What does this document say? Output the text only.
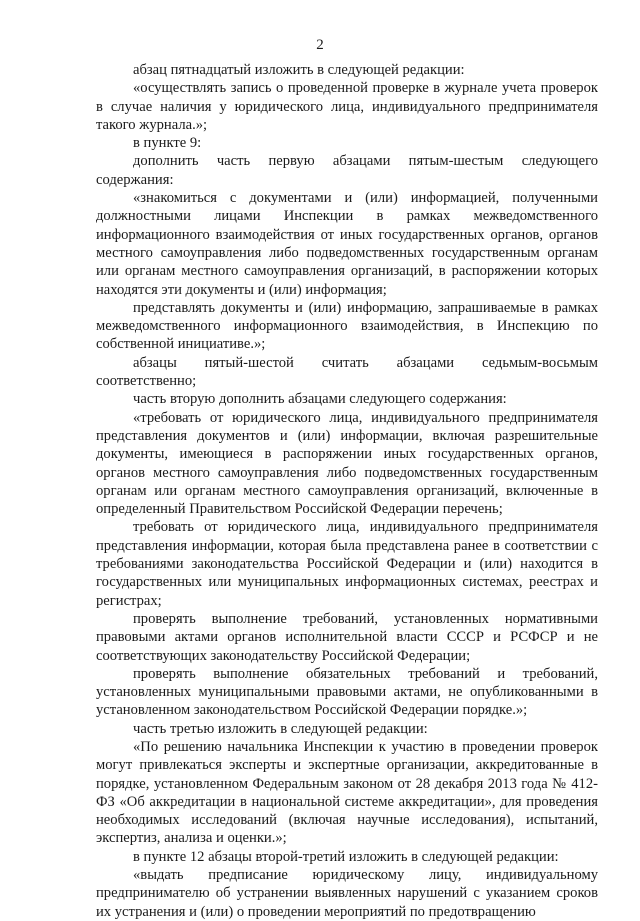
2

абзац пятнадцатый изложить в следующей редакции:

«осуществлять запись о проведенной проверке в журнале учета проверок в случае наличия у юридического лица, индивидуального предпринимателя такого журнала.»;

в пункте 9:

дополнить часть первую абзацами пятым-шестым следующего содержания:

«знакомиться с документами и (или) информацией, полученными должностными лицами Инспекции в рамках межведомственного информационного взаимодействия от иных государственных органов, органов местного самоуправления либо подведомственных государственным органам или органам местного самоуправления организаций, в распоряжении которых находятся эти документы и (или) информация;

представлять документы и (или) информацию, запрашиваемые в рамках межведомственного информационного взаимодействия, в Инспекцию по собственной инициативе.»;

абзацы пятый-шестой считать абзацами седьмым-восьмым соответственно;

часть вторую дополнить абзацами следующего содержания:

«требовать от юридического лица, индивидуального предпринимателя представления документов и (или) информации, включая разрешительные документы, имеющиеся в распоряжении иных государственных органов, органов местного самоуправления либо подведомственных государственным органам или органам местного самоуправления организаций, включенные в определенный Правительством Российской Федерации перечень;

требовать от юридического лица, индивидуального предпринимателя представления информации, которая была представлена ранее в соответствии с требованиями законодательства Российской Федерации и (или) находится в государственных или муниципальных информационных системах, реестрах и регистрах;

проверять выполнение требований, установленных нормативными правовыми актами органов исполнительной власти СССР и РСФСР и не соответствующих законодательству Российской Федерации;

проверять выполнение обязательных требований и требований, установленных муниципальными правовыми актами, не опубликованными в установленном законодательством Российской Федерации порядке.»;

часть третью изложить в следующей редакции:

«По решению начальника Инспекции к участию в проведении проверок могут привлекаться эксперты и экспертные организации, аккредитованные в порядке, установленном Федеральным законом от 28 декабря 2013 года № 412-ФЗ «Об аккредитации в национальной системе аккредитации», для проведения необходимых исследований (включая научные исследования), испытаний, экспертиз, анализа и оценки.»;

в пункте 12 абзацы второй-третий изложить в следующей редакции:

«выдать предписание юридическому лицу, индивидуальному предпринимателю об устранении выявленных нарушений с указанием сроков их устранения и (или) о проведении мероприятий по предотвращению
